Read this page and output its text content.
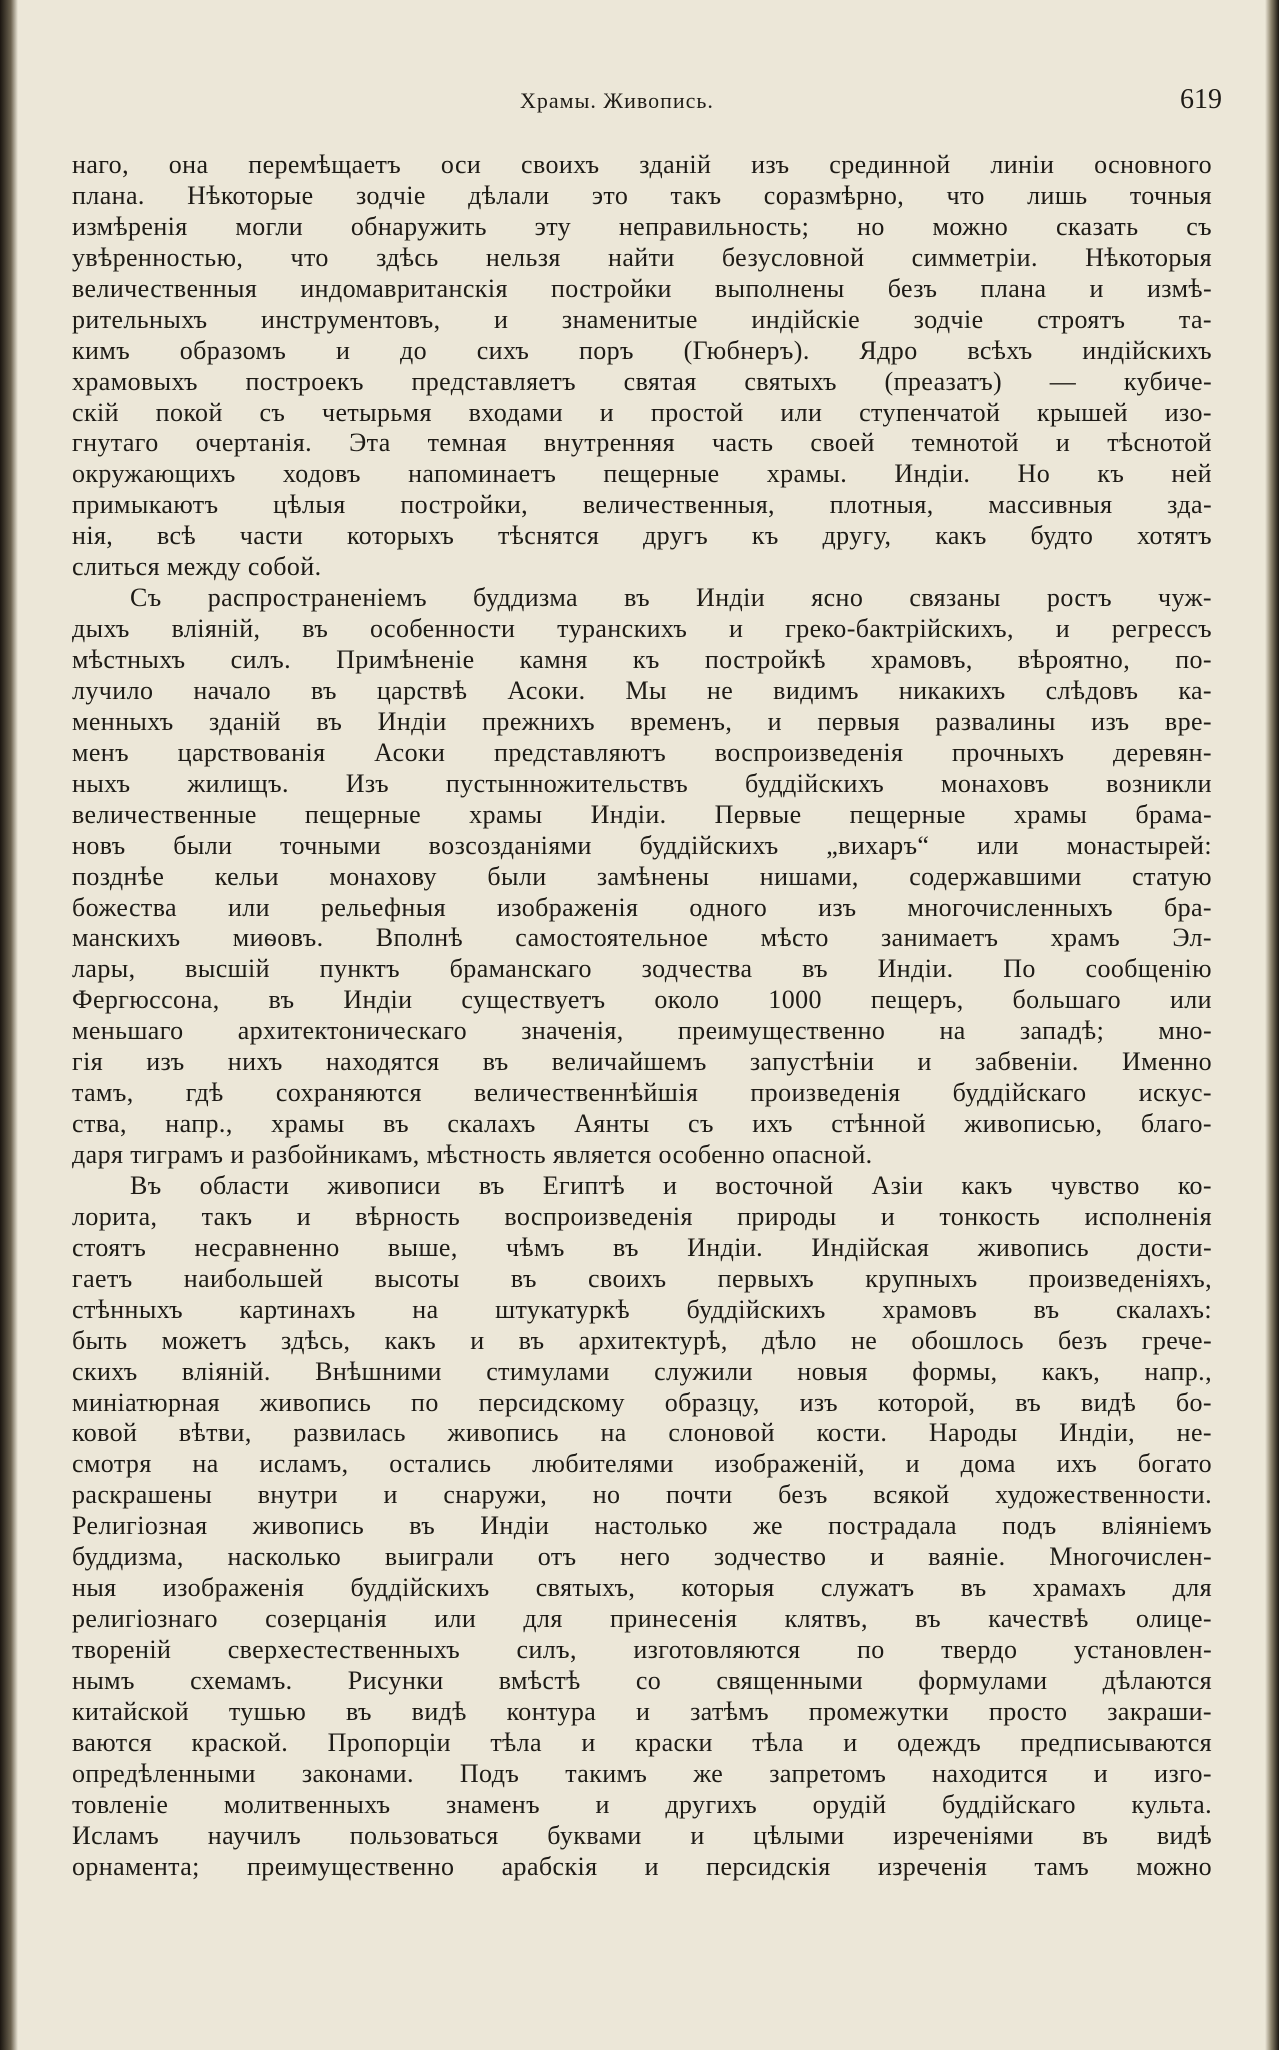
Храмы. Живопись.	619
наго, она перемѣщаетъ оси своихъ зданій изъ срединной линіи основного
плана. Нѣкоторые зодчіе дѣлали это такъ соразмѣрно, что лишь точныя
измѣренія могли обнаружить эту неправильность; но можно сказать съ
увѣренностью, что здѣсь нельзя найти безусловной симметріи. Нѣкоторыя
величественныя индомавританскія постройки выполнены безъ плана и измѣ-
рительныхъ инструментовъ, и знаменитые индійскіе зодчіе строятъ та-
кимъ образомъ и до сихъ поръ (Гюбнеръ). Ядро всѣхъ индійскихъ
храмовыхъ построекъ представляетъ святая святыхъ (преазатъ) — кубиче-
скій покой съ четырьмя входами и простой или ступенчатой крышей изо-
гнутаго очертанія. Эта темная внутренняя часть своей темнотой и тѣснотой
окружающихъ ходовъ напоминаетъ пещерные храмы. Индіи. Но къ ней
примыкаютъ цѣлыя постройки, величественныя, плотныя, массивныя зда-
нія, всѣ части которыхъ тѣснятся другъ къ другу, какъ будто хотятъ
слиться между собой.
Съ распространеніемъ буддизма въ Индіи ясно связаны ростъ чуж-
дыхъ вліяній, въ особенности туранскихъ и греко-бактрійскихъ, и регрессъ
мѣстныхъ силъ. Примѣненіе камня къ постройкѣ храмовъ, вѣроятно, по-
лучило начало въ царствѣ Асоки. Мы не видимъ никакихъ слѣдовъ ка-
менныхъ зданій въ Индіи прежнихъ временъ, и первыя развалины изъ вре-
менъ царствованія Асоки представляютъ воспроизведенія прочныхъ деревян-
ныхъ жилищъ. Изъ пустынножительствъ буддійскихъ монаховъ возникли
величественные пещерные храмы Индіи. Первые пещерные храмы брама-
новъ были точными возсозданіями буддійскихъ „вихаръ“ или монастырей:
позднѣе кельи монахову были замѣнены нишами, содержавшими статую
божества или рельефныя изображенія одного изъ многочисленныхъ бра-
манскихъ миѳовъ. Вполнѣ самостоятельное мѣсто занимаетъ храмъ Эл-
лары, высшій пунктъ браманскаго зодчества въ Индіи. По сообщенію
Фергюссона, въ Индіи существуетъ около 1000 пещеръ, большаго или
меньшаго архитектоническаго значенія, преимущественно на западѣ; мно-
гія изъ нихъ находятся въ величайшемъ запустѣніи и забвеніи. Именно
тамъ, гдѣ сохраняются величественнѣйшія произведенія буддійскаго искус-
ства, напр., храмы въ скалахъ Аянты съ ихъ стѣнной живописью, благо-
даря тиграмъ и разбойникамъ, мѣстность является особенно опасной.
Въ области живописи въ Египтѣ и восточной Азіи какъ чувство ко-
лорита, такъ и вѣрность воспроизведенія природы и тонкость исполненія
стоятъ несравненно выше, чѣмъ въ Индіи. Индійская живопись дости-
гаетъ наибольшей высоты въ своихъ первыхъ крупныхъ произведеніяхъ,
стѣнныхъ картинахъ на штукатуркѣ буддійскихъ храмовъ въ скалахъ:
быть можетъ здѣсь, какъ и въ архитектурѣ, дѣло не обошлось безъ грече-
скихъ вліяній. Внѣшними стимулами служили новыя формы, какъ, напр.,
миніатюрная живопись по персидскому образцу, изъ которой, въ видѣ бо-
ковой вѣтви, развилась живопись на слоновой кости. Народы Индіи, не-
смотря на исламъ, остались любителями изображеній, и дома ихъ богато
раскрашены внутри и снаружи, но почти безъ всякой художественности.
Религіозная живопись въ Индіи настолько же пострадала подъ вліяніемъ
буддизма, насколько выиграли отъ него зодчество и ваяніе. Многочислен-
ныя изображенія буддійскихъ святыхъ, которыя служатъ въ храмахъ для
религіознаго созерцанія или для принесенія клятвъ, въ качествѣ олице-
твореній сверхестественныхъ силъ, изготовляются по твердо установлен-
нымъ схемамъ. Рисунки вмѣстѣ со священными формулами дѣлаются
китайской тушью въ видѣ контура и затѣмъ промежутки просто закраши-
ваются краской. Пропорціи тѣла и краски тѣла и одеждъ предписываются
опредѣленными законами. Подъ такимъ же запретомъ находится и изго-
товленіе молитвенныхъ знаменъ и другихъ орудій буддійскаго культа.
Исламъ научилъ пользоваться буквами и цѣлыми изреченіями въ видѣ
орнамента; преимущественно арабскія и персидскія изреченія тамъ можно
